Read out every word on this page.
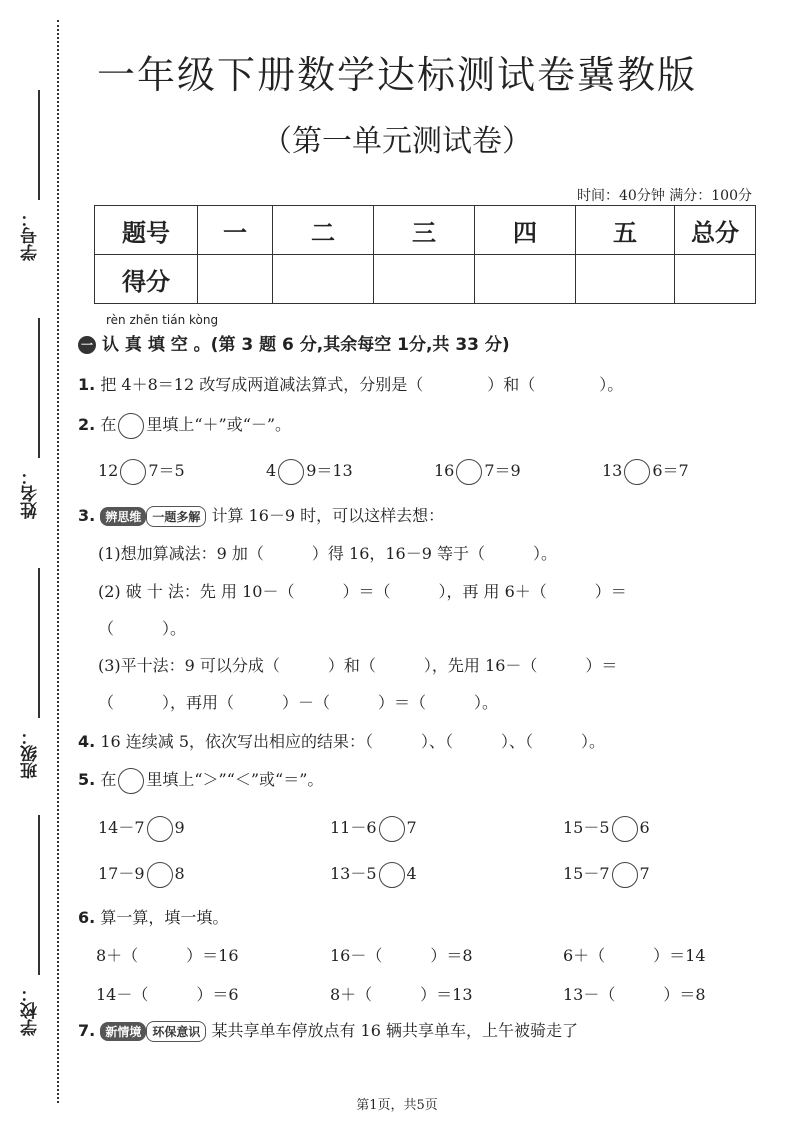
学号：
姓名：
班级：
学校：
一年级下册数学达标测试卷冀教版
（第一单元测试卷）
时间：40分钟 满分：100分
题号	一	二	三	四	五	总分
得分						
rèn zhēn tián kòng
一 认 真 填 空 。(第 3 题 6 分,其余每空 1分,共 33 分)
1. 把 4＋8＝12 改写成两道减法算式，分别是（　　　　）和（　　　　）。
2. 在 里填上“＋”或“－”。
12 7＝5	4 9＝13	16 7＝9	13 6＝7
3. 辨思维 一题多解 计算 16－9 时，可以这样去想：
(1)想加算减法：9 加（　　　）得 16，16－9 等于（　　　）。
(2) 破 十 法：先 用 10－（　　　）＝（　　　），再 用 6＋（　　　）＝
（　　　）。
(3)平十法：9 可以分成（　　　）和（　　　），先用 16－（　　　）＝
（　　　），再用（　　　）－（　　　）＝（　　　）。
4. 16 连续减 5，依次写出相应的结果：（　　　）、（　　　）、（　　　）。
5. 在 里填上“＞”“＜”或“＝”。
14－7 9	11－6 7	15－5 6
17－9 8	13－5 4	15－7 7
6. 算一算，填一填。
8＋（　　　）＝16	16－（　　　）＝8	6＋（　　　）＝14
14－（　　　）＝6	8＋（　　　）＝13	13－（　　　）＝8
7. 新情境 环保意识 某共享单车停放点有 16 辆共享单车，上午被骑走了
第1页，共5页
